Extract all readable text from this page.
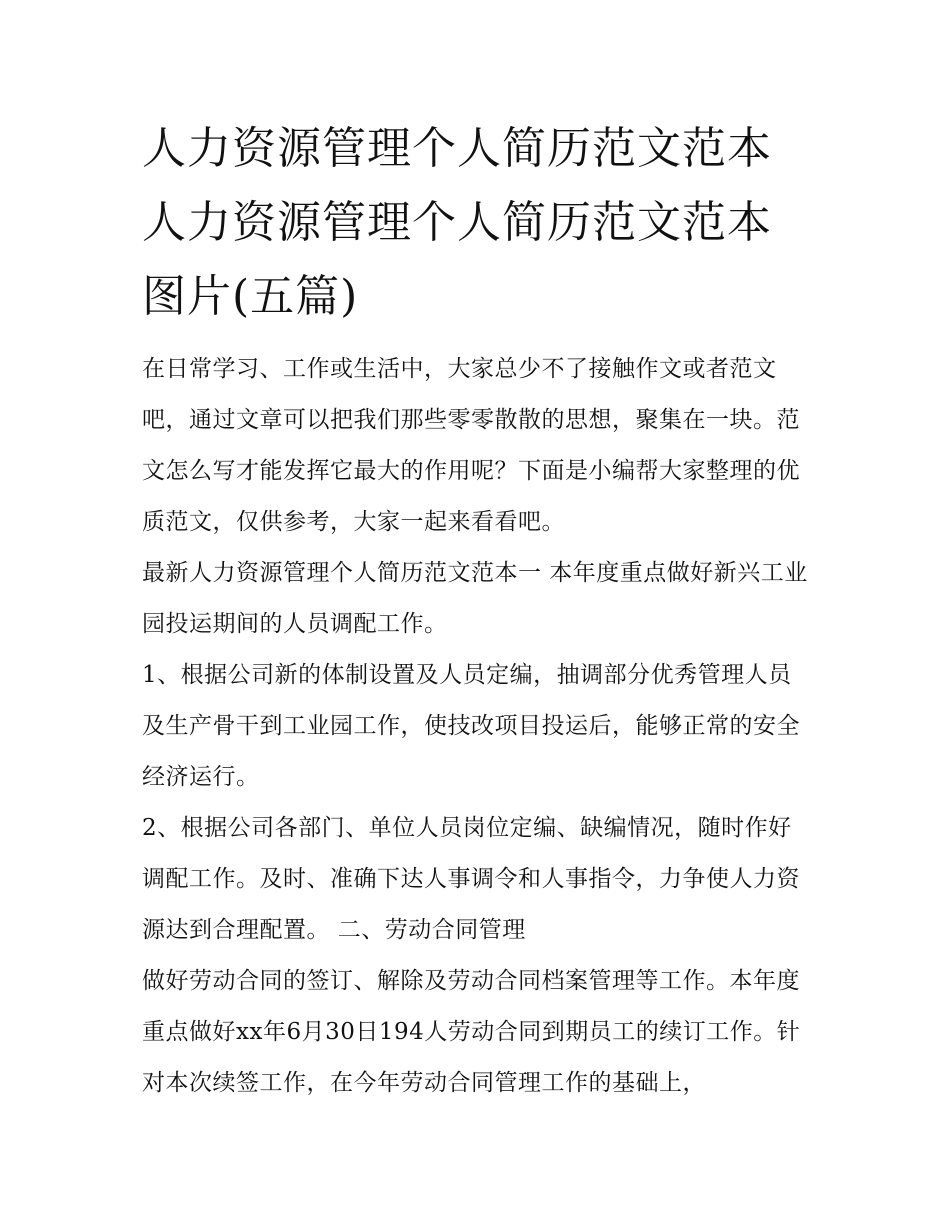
人力资源管理个人简历范文范本 人力资源管理个人简历范文范本图片(五篇)

在日常学习、工作或生活中，大家总少不了接触作文或者范文吧，通过文章可以把我们那些零零散散的思想，聚集在一块。范文怎么写才能发挥它最大的作用呢？下面是小编帮大家整理的优质范文，仅供参考，大家一起来看看吧。

最新人力资源管理个人简历范文范本一 本年度重点做好新兴工业园投运期间的人员调配工作。

1、根据公司新的体制设置及人员定编，抽调部分优秀管理人员及生产骨干到工业园工作，使技改项目投运后，能够正常的安全经济运行。

2、根据公司各部门、单位人员岗位定编、缺编情况，随时作好调配工作。及时、准确下达人事调令和人事指令，力争使人力资源达到合理配置。 二、劳动合同管理

做好劳动合同的签订、解除及劳动合同档案管理等工作。本年度重点做好xx年6月30日194人劳动合同到期员工的续订工作。针对本次续签工作，在今年劳动合同管理工作的基础上，
